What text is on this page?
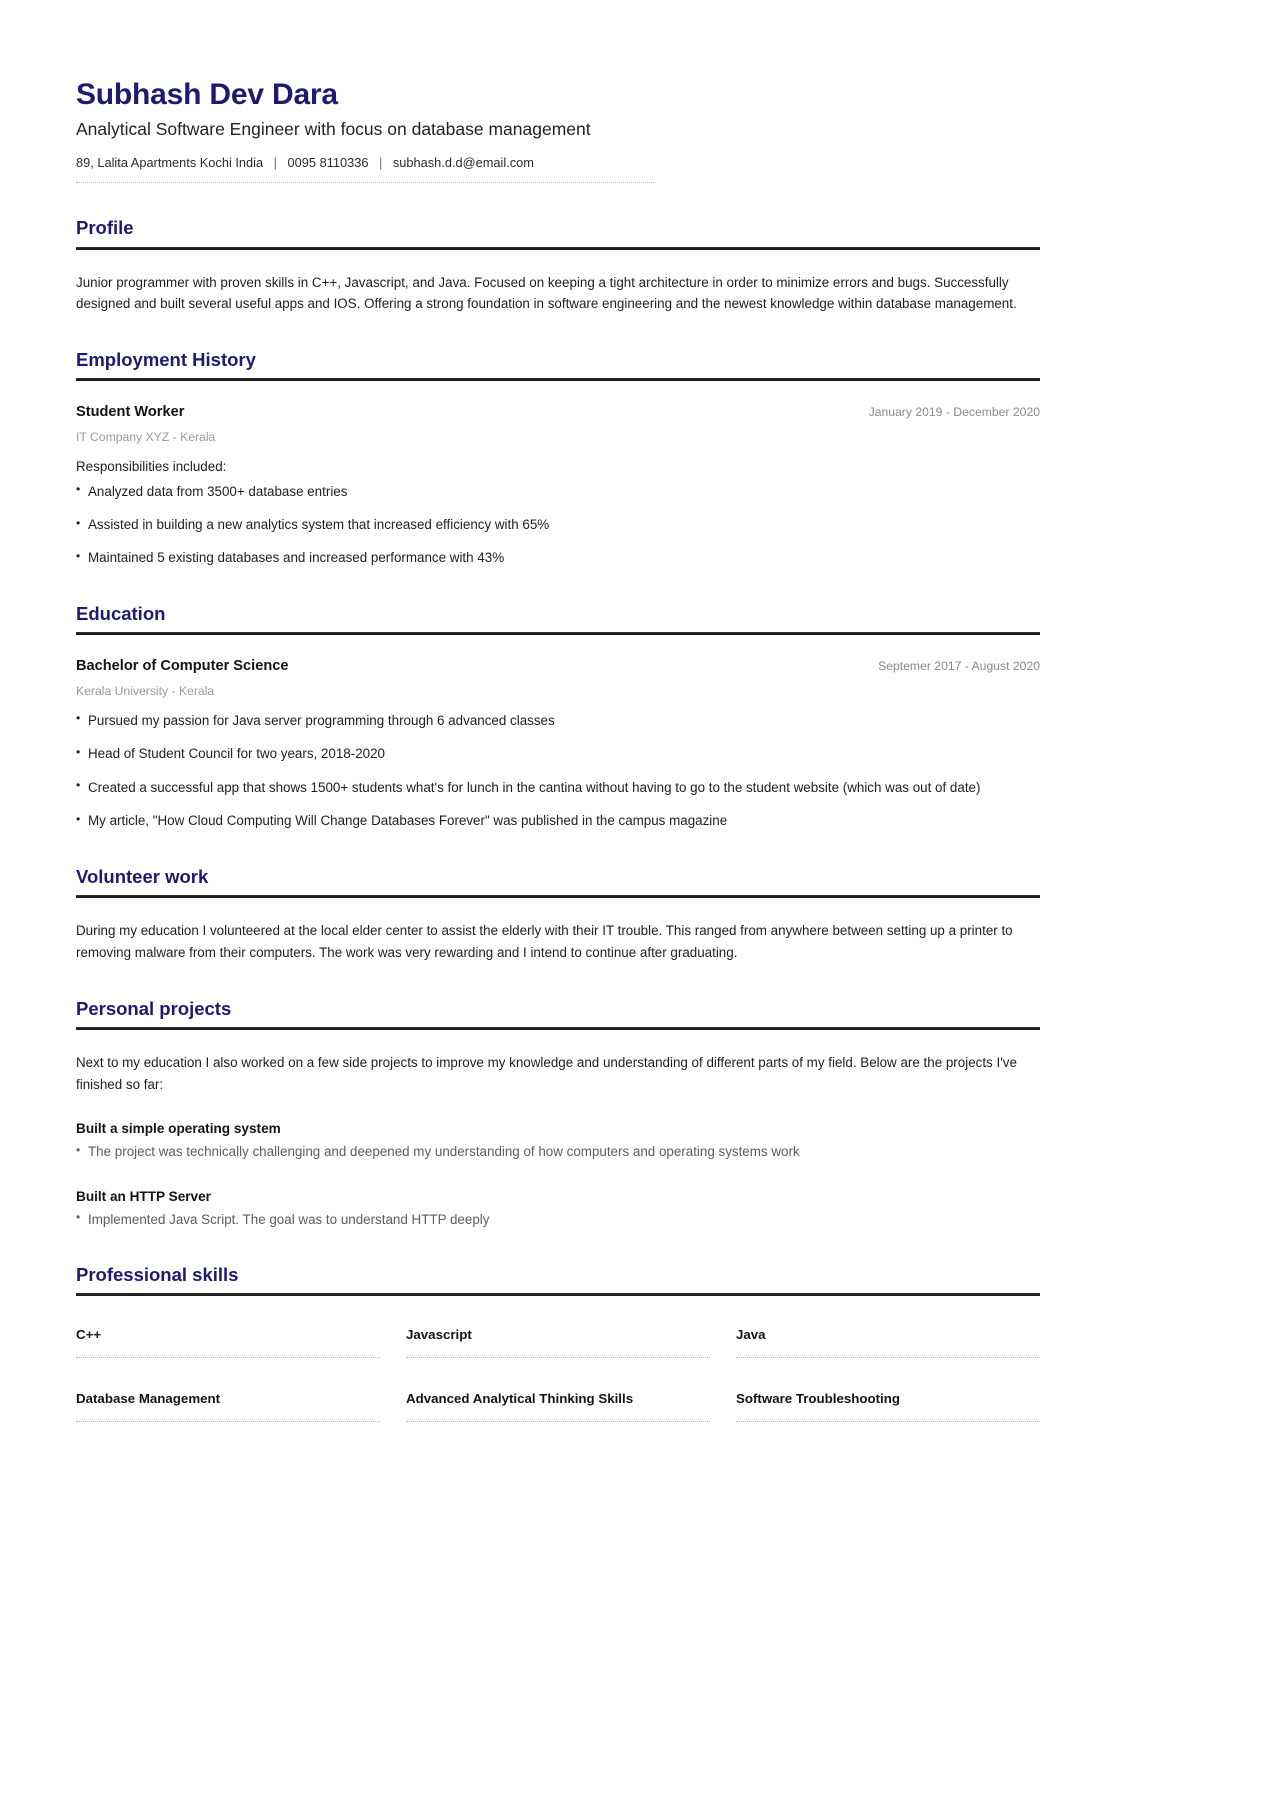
Subhash Dev Dara
Analytical Software Engineer with focus on database management
89, Lalita Apartments Kochi India | 0095 8110336 | subhash.d.d@email.com
Profile
Junior programmer with proven skills in C++, Javascript, and Java. Focused on keeping a tight architecture in order to minimize errors and bugs. Successfully designed and built several useful apps and IOS. Offering a strong foundation in software engineering and the newest knowledge within database management.
Employment History
Student Worker	January 2019 - December 2020
IT Company XYZ - Kerala
Responsibilities included:
• Analyzed data from 3500+ database entries
• Assisted in building a new analytics system that increased efficiency with 65%
• Maintained 5 existing databases and increased performance with 43%
Education
Bachelor of Computer Science	Septemer 2017 - August 2020
Kerala University - Kerala
• Pursued my passion for Java server programming through 6 advanced classes
• Head of Student Council for two years, 2018-2020
• Created a successful app that shows 1500+ students what's for lunch in the cantina without having to go to the student website (which was out of date)
• My article, "How Cloud Computing Will Change Databases Forever" was published in the campus magazine
Volunteer work
During my education I volunteered at the local elder center to assist the elderly with their IT trouble. This ranged from anywhere between setting up a printer to removing malware from their computers. The work was very rewarding and I intend to continue after graduating.
Personal projects
Next to my education I also worked on a few side projects to improve my knowledge and understanding of different parts of my field. Below are the projects I've finished so far:
Built a simple operating system
• The project was technically challenging and deepened my understanding of how computers and operating systems work
Built an HTTP Server
• Implemented Java Script. The goal was to understand HTTP deeply
Professional skills
C++	Javascript	Java
Database Management	Advanced Analytical Thinking Skills	Software Troubleshooting
